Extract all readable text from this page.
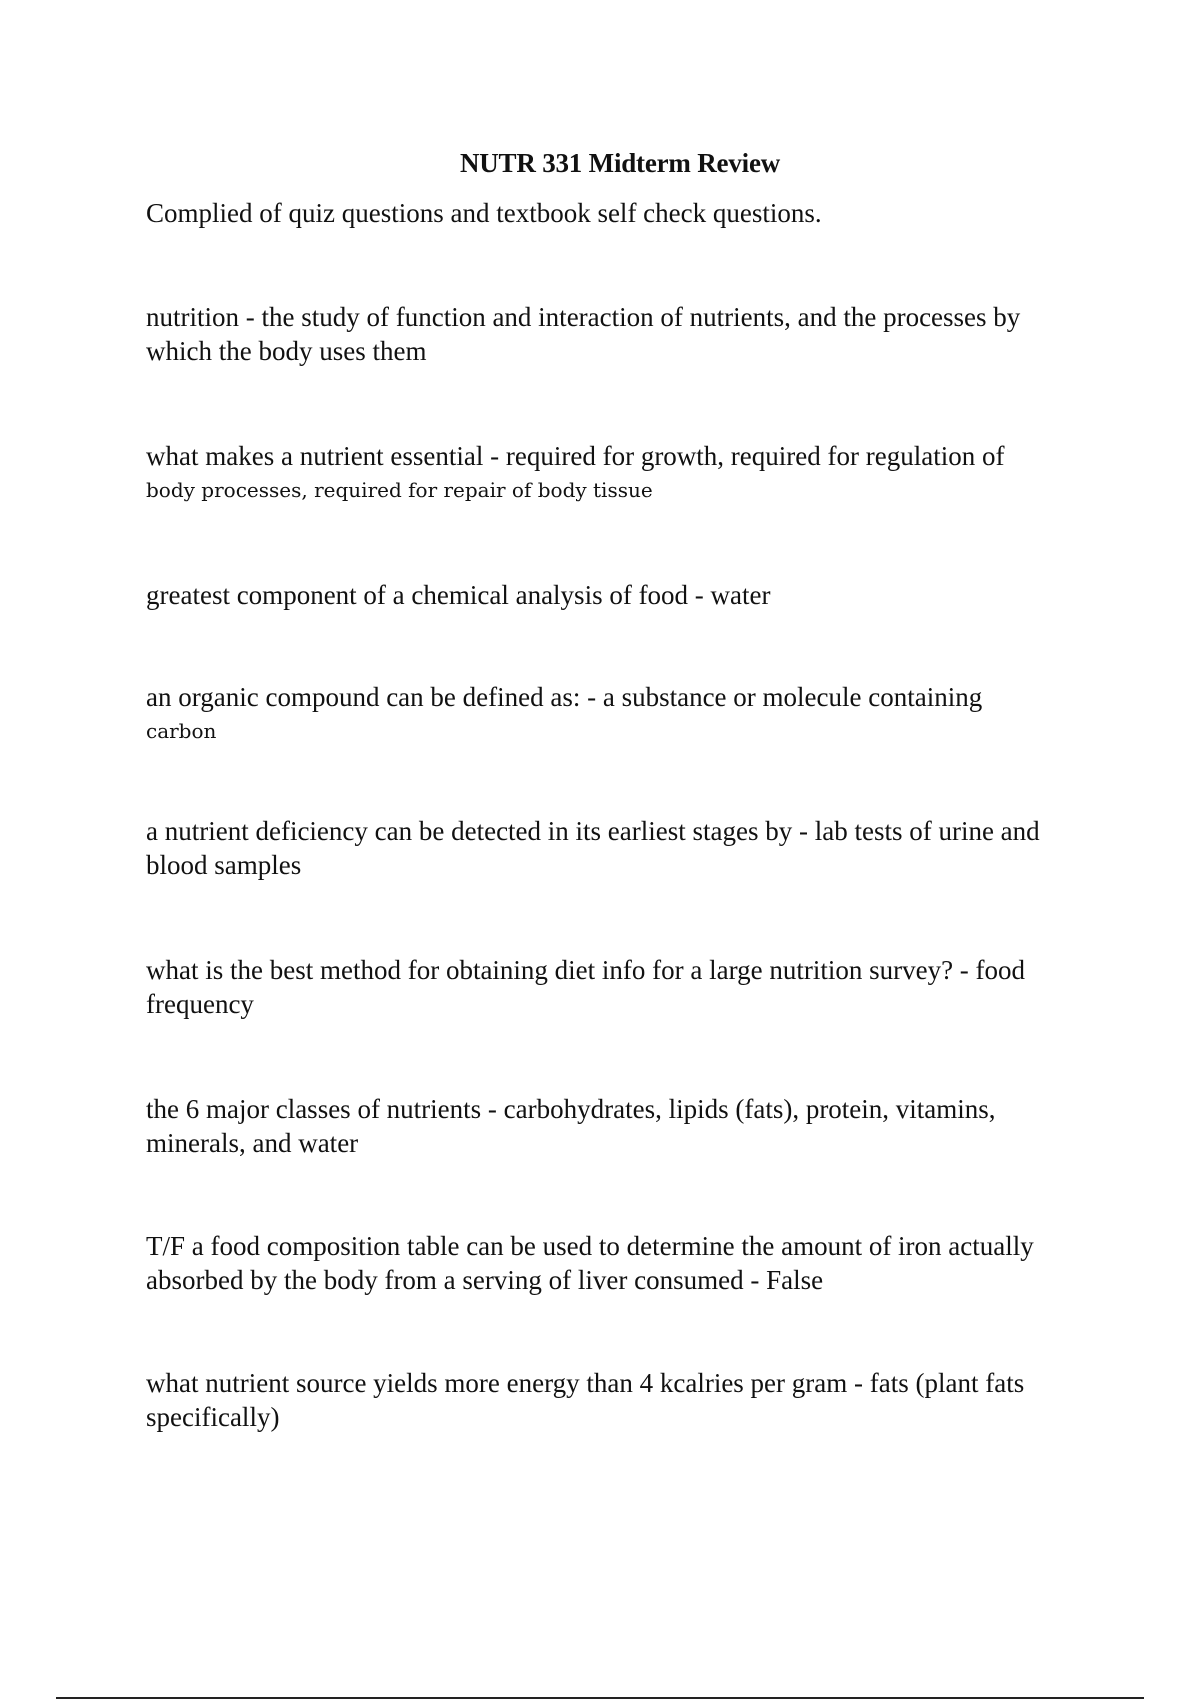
NUTR 331 Midterm Review
Complied of quiz questions and textbook self check questions.
nutrition - the study of function and interaction of nutrients, and the processes by
which the body uses them
what makes a nutrient essential - required for growth, required for regulation of
body processes, required for repair of body tissue
greatest component of a chemical analysis of food - water
an organic compound can be defined as: - a substance or molecule containing
carbon
a nutrient deficiency can be detected in its earliest stages by - lab tests of urine and
blood samples
what is the best method for obtaining diet info for a large nutrition survey? - food
frequency
the 6 major classes of nutrients - carbohydrates, lipids (fats), protein, vitamins,
minerals, and water
T/F a food composition table can be used to determine the amount of iron actually
absorbed by the body from a serving of liver consumed - False
what nutrient source yields more energy than 4 kcalries per gram - fats (plant fats
specifically)
